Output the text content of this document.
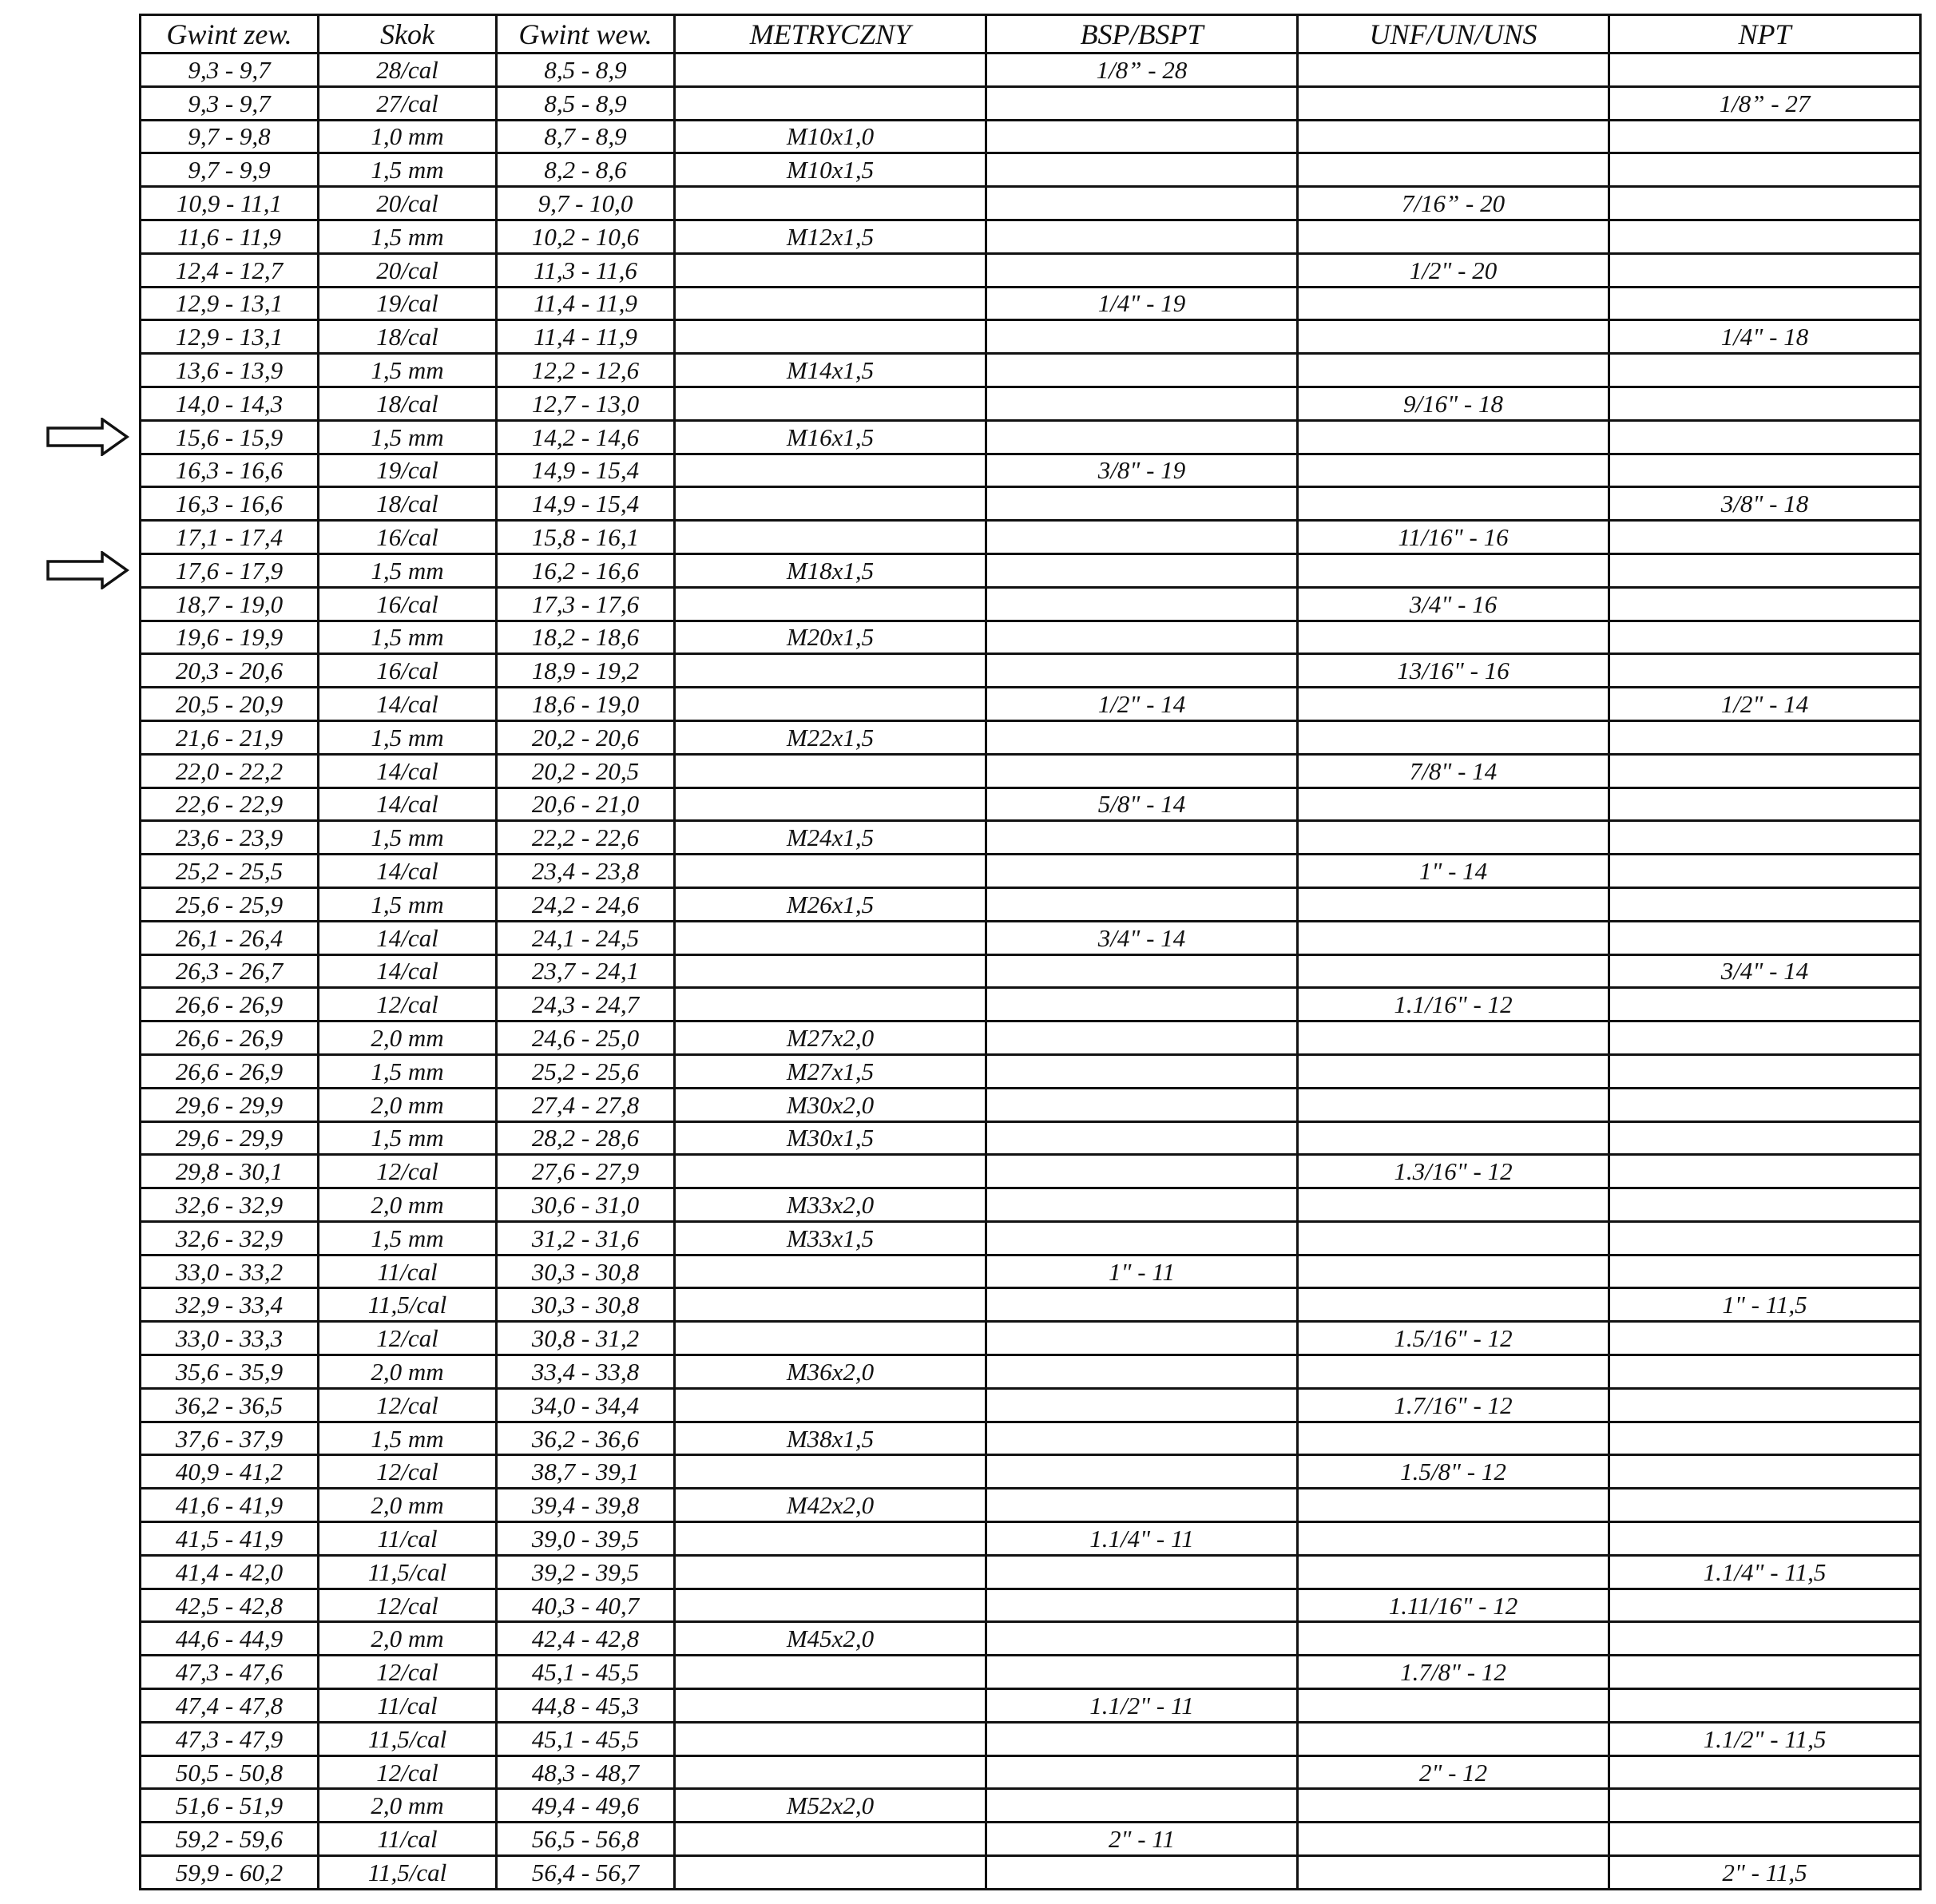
Gwint zew.	Skok	Gwint wew.	METRYCZNY	BSP/BSPT	UNF/UN/UNS	NPT
9,3 - 9,7	28/cal	8,5 - 8,9		1/8” - 28		
9,3 - 9,7	27/cal	8,5 - 8,9				1/8” - 27
9,7 - 9,8	1,0 mm	8,7 - 8,9	M10x1,0			
9,7 - 9,9	1,5 mm	8,2 - 8,6	M10x1,5			
10,9 - 11,1	20/cal	9,7 - 10,0			7/16” - 20	
11,6 - 11,9	1,5 mm	10,2 - 10,6	M12x1,5			
12,4 - 12,7	20/cal	11,3 - 11,6			1/2" - 20	
12,9 - 13,1	19/cal	11,4 - 11,9		1/4" - 19		
12,9 - 13,1	18/cal	11,4 - 11,9				1/4" - 18
13,6 - 13,9	1,5 mm	12,2 - 12,6	M14x1,5			
14,0 - 14,3	18/cal	12,7 - 13,0			9/16" - 18	
15,6 - 15,9	1,5 mm	14,2 - 14,6	M16x1,5			
16,3 - 16,6	19/cal	14,9 - 15,4		3/8" - 19		
16,3 - 16,6	18/cal	14,9 - 15,4				3/8" - 18
17,1 - 17,4	16/cal	15,8 - 16,1			11/16" - 16	
17,6 - 17,9	1,5 mm	16,2 - 16,6	M18x1,5			
18,7 - 19,0	16/cal	17,3 - 17,6			3/4" - 16	
19,6 - 19,9	1,5 mm	18,2 - 18,6	M20x1,5			
20,3 - 20,6	16/cal	18,9 - 19,2			13/16" - 16	
20,5 - 20,9	14/cal	18,6 - 19,0		1/2" - 14		1/2" - 14
21,6 - 21,9	1,5 mm	20,2 - 20,6	M22x1,5			
22,0 - 22,2	14/cal	20,2 - 20,5			7/8" - 14	
22,6 - 22,9	14/cal	20,6 - 21,0		5/8" - 14		
23,6 - 23,9	1,5 mm	22,2 - 22,6	M24x1,5			
25,2 - 25,5	14/cal	23,4 - 23,8			1" - 14	
25,6 - 25,9	1,5 mm	24,2 - 24,6	M26x1,5			
26,1 - 26,4	14/cal	24,1 - 24,5		3/4" - 14		
26,3 - 26,7	14/cal	23,7 - 24,1				3/4" - 14
26,6 - 26,9	12/cal	24,3 - 24,7			1.1/16" - 12	
26,6 - 26,9	2,0 mm	24,6 - 25,0	M27x2,0			
26,6 - 26,9	1,5 mm	25,2 - 25,6	M27x1,5			
29,6 - 29,9	2,0 mm	27,4 - 27,8	M30x2,0			
29,6 - 29,9	1,5 mm	28,2 - 28,6	M30x1,5			
29,8 - 30,1	12/cal	27,6 - 27,9			1.3/16" - 12	
32,6 - 32,9	2,0 mm	30,6 - 31,0	M33x2,0			
32,6 - 32,9	1,5 mm	31,2 - 31,6	M33x1,5			
33,0 - 33,2	11/cal	30,3 - 30,8		1" - 11		
32,9 - 33,4	11,5/cal	30,3 - 30,8				1" - 11,5
33,0 - 33,3	12/cal	30,8 - 31,2			1.5/16" - 12	
35,6 - 35,9	2,0 mm	33,4 - 33,8	M36x2,0			
36,2 - 36,5	12/cal	34,0 - 34,4			1.7/16" - 12	
37,6 - 37,9	1,5 mm	36,2 - 36,6	M38x1,5			
40,9 - 41,2	12/cal	38,7 - 39,1			1.5/8" - 12	
41,6 - 41,9	2,0 mm	39,4 - 39,8	M42x2,0			
41,5 - 41,9	11/cal	39,0 - 39,5		1.1/4" - 11		
41,4 - 42,0	11,5/cal	39,2 - 39,5				1.1/4" - 11,5
42,5 - 42,8	12/cal	40,3 - 40,7			1.11/16" - 12	
44,6 - 44,9	2,0 mm	42,4 - 42,8	M45x2,0			
47,3 - 47,6	12/cal	45,1 - 45,5			1.7/8" - 12	
47,4 - 47,8	11/cal	44,8 - 45,3		1.1/2" - 11		
47,3 - 47,9	11,5/cal	45,1 - 45,5				1.1/2" - 11,5
50,5 - 50,8	12/cal	48,3 - 48,7			2" - 12	
51,6 - 51,9	2,0 mm	49,4 - 49,6	M52x2,0			
59,2 - 59,6	11/cal	56,5 - 56,8		2" - 11		
59,9 - 60,2	11,5/cal	56,4 - 56,7				2" - 11,5
